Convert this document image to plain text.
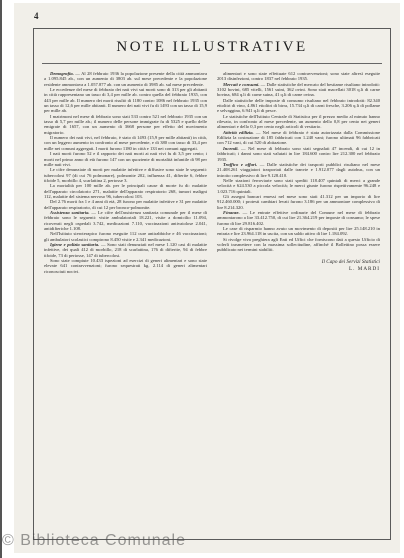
4
NOTE ILLUSTRATIVE

Demografia. — Al 28 febbraio 1936 la popolazione presente della città ammontava a 1.095.845 ab., con un aumento di 3803 ab. sul mese precedente e la popolazione residente ammontava a 1.057.877 ab. con un aumento di 3985 ab. sul mese precedente.

Le eccedenze del mese di febbraio dei nati vivi sui morti sono di 313 per gli abitanti in città rappresentano un tasso di 3,4 per mille ab. contro quella del febbraio 1935, con 443 per mille ab. Il numero dei morti risultò di 1180 contro 1086 nel febbraio 1935 con un tasso di 12,6 per mille abitanti. Il numero dei nati vivi fu di 1493 con un tasso di 15,9 per mille ab.

I matrimoni nel mese di febbraio sono stati 533 contro 521 nel febbraio 1935 con un tasso di 5,7 per mille ab.; il numero delle persone immigrate fu di 5325 e quello delle emigrate di 1657, con un aumento di 3668 persone per effetto del movimento migratorio.

Il numero dei nati vivi, nel febbraio, è stato di 1493 (15,9 per mille abitanti) in città, con un leggero aumento in confronto al mese precedente, e di 380 con tasso di 33,4 per mille nei comuni aggregati. I morti furono 1180 in città e 133 nei comuni aggregati.

I nati morti furono 52 e il rapporto dei nati morti ai nati vivi fu di 3,5 per cento; i morti nel primo anno di età furono 147 con un quoziente di mortalità infantile di 98 per mille nati vivi.

Le cifre denunziate di morti per malattie infettive e diffusive sono state le seguenti: tubercolosi 97 (di cui 76 polmonare), polmonite 202, influenza 41, difterite 6, febbre tifoide 5, morbillo 4, scarlattina 2, pertosse 3.

La mortalità per 100 mille ab. per le principali cause di morte fu di: malattie dell'apparato circolatorio 271, malattie dell'apparato respiratorio 268, tumori maligni 112, malattie del sistema nervoso 96, tubercolosi 103.

Del 2.76 morti fra 1 e 4 anni di età, 28 furono per malattie infettive e 31 per malattie dell'apparato respiratorio, di cui 12 per bronco-polmonite.

Assistenza sanitaria. — Le cifre dell'assistenza sanitaria comunale per il mese di febbraio sono le seguenti: visite ambulatoriali 18.221, visite a domicilio 11.094, ricoverati negli ospedali 3.742, medicazioni 7.110, vaccinazioni antivaiolose 2.041, antidifteriche 1.108.

Nell'Istituto sieroterapico furono eseguite 112 cure antirabbiche e 46 vaccinazioni; gli ambulatori scolastici compirono 8.450 visite e 2.341 medicazioni.

Igiene e polizia sanitaria. — Sono stati denunziati nel mese 1.120 casi di malattie infettive, dei quali 412 di morbillo, 218 di scarlattina, 176 di difterite, 94 di febbre tifoide, 73 di pertosse, 147 di tubercolosi.

Sono state compiute 10.433 ispezioni ad esercizi di generi alimentari e sono state elevate 641 contravvenzioni; furono sequestrati kg. 2.114 di generi alimentari riconosciuti nocivi.

alimentari e sono state effettuate 612 contravvenzioni; sono state altresì eseguite 2013 disinfezioni, contro 1837 nel febbraio 1935.

Mercati e consumi. — Dalle statistiche del mercato del bestiame risultano introdotti: 3102 bovini, 685 vitelli, 1561 suini, 362 ovini. Sono stati macellati 3018 q.li di carne bovina, 684 q.li di carne suina, 41 q.li di carne ovina.

Dalle statistiche delle imposte di consumo risultano nel febbraio introdotti: 82.340 ettolitri di vino, 4.861 ettolitri di birra, 15.734 q.li di carni fresche, 3.206 q.li di pollame e selvaggina, 6.941 q.li di pesce.

Le statistiche dell'Istituto Centrale di Statistica per il prezzo medio al minuto hanno rilevato, in confronto al mese precedente, un aumento dello 0,8 per cento nei generi alimentari e dello 0,3 per cento negli articoli di vestiario.

Attività edilizia. — Nel mese di febbraio è stata autorizzata dalla Commissione Edilizia la costruzione di 185 fabbricati con 1.240 vani; furono ultimati 96 fabbricati con 712 vani, di cui 520 di abitazione.

Incendi. — Nel mese di febbraio sono stati segnalati 47 incendi, di cui 12 in fabbricati; i danni sono stati valutati in lire 184.600 contro lire 212.300 nel febbraio 1935.

Traffico e affari. — Dalle statistiche dei trasporti pubblici risultano nel mese 21.408.261 viaggiatori trasportati dalle tranvie e 1.912.077 dagli autobus, con un introito complessivo di lire 9.128.410.

Nelle stazioni ferroviarie sono stati spediti 118.407 quintali di merci a grande velocità e 624.530 a piccola velocità; le merci giunte furono rispettivamente 96.248 e 1.023.716 quintali.

Gli assegni bancari emessi nel mese sono stati 41.312 per un importo di lire 912.460.000; i protesti cambiari levati furono 3.186 per un ammontare complessivo di lire 8.214.320.

Finanze. — Le entrate effettive ordinarie del Comune nel mese di febbraio ammontarono a lire 33.412.750, di cui lire 21.364.219 per imposte di consumo; le spese furono di lire 29.816.402.

Le case di risparmio hanno avuto un movimento di depositi per lire 25.148.210 in entrata e lire 23.964.118 in uscita, con un saldo attivo di lire 1.184.092.

Si rivolge viva preghiera agli Enti ed Uffici che forniscono dati a questo Ufficio di volerli trasmettere con la massima sollecitudine, affinché il Bollettino possa essere pubblicato nei termini stabiliti.

Il Capo dei Servizi Statistici
L. MARDI
© Biblioteca Comunale
